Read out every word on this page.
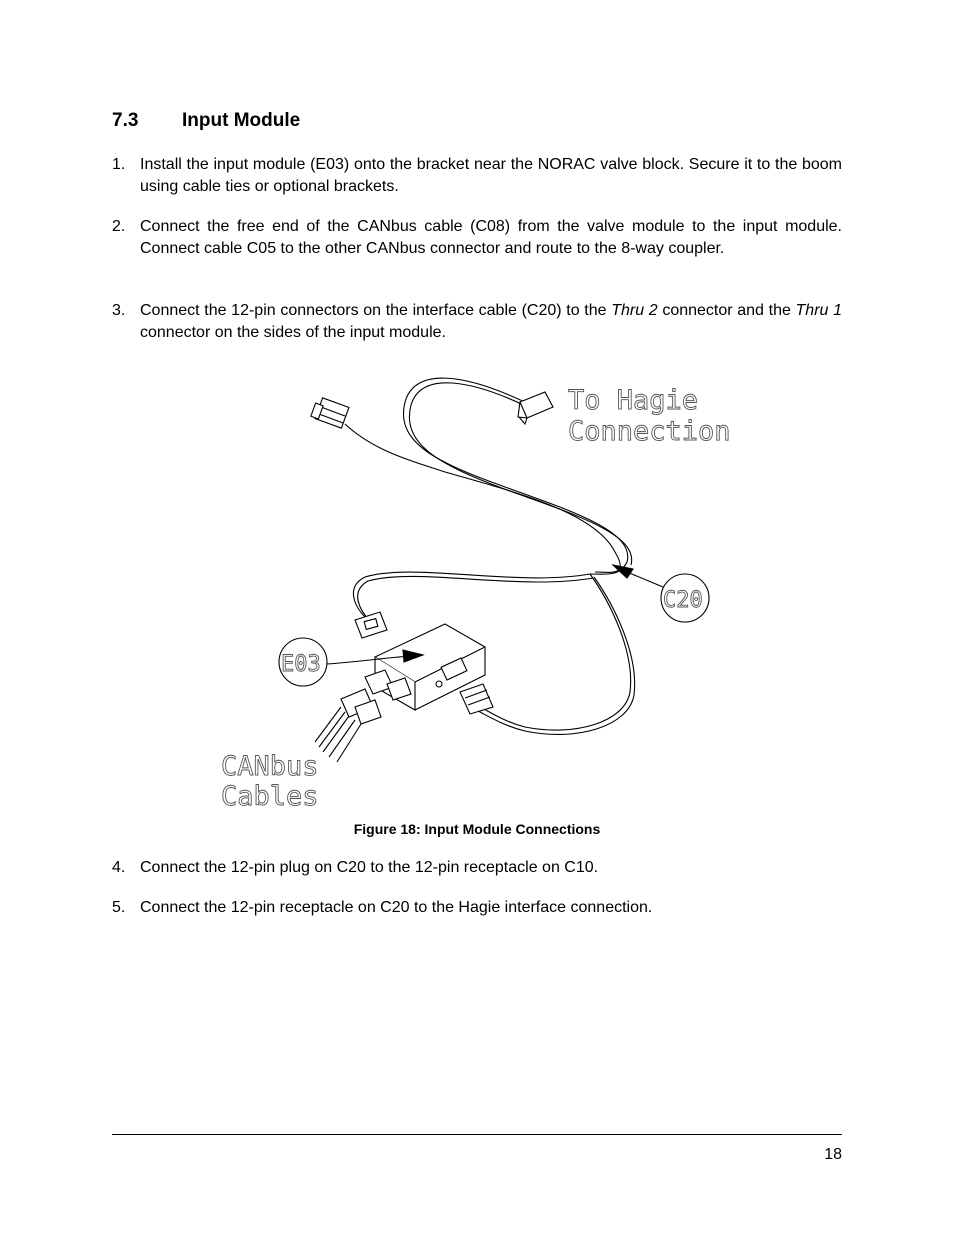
7.3 Input Module
1. Install the input module (E03) onto the bracket near the NORAC valve block. Secure it to the boom using cable ties or optional brackets.
2. Connect the free end of the CANbus cable (C08) from the valve module to the input module. Connect cable C05 to the other CANbus connector and route to the 8-way coupler.
3. Connect the 12-pin connectors on the interface cable (C20) to the Thru 2 connector and the Thru 1 connector on the sides of the input module.
To Hagie
Connection
C20
E03
CANbus
Cables
Figure 18: Input Module Connections
4. Connect the 12-pin plug on C20 to the 12-pin receptacle on C10.
5. Connect the 12-pin receptacle on C20 to the Hagie interface connection.
18
